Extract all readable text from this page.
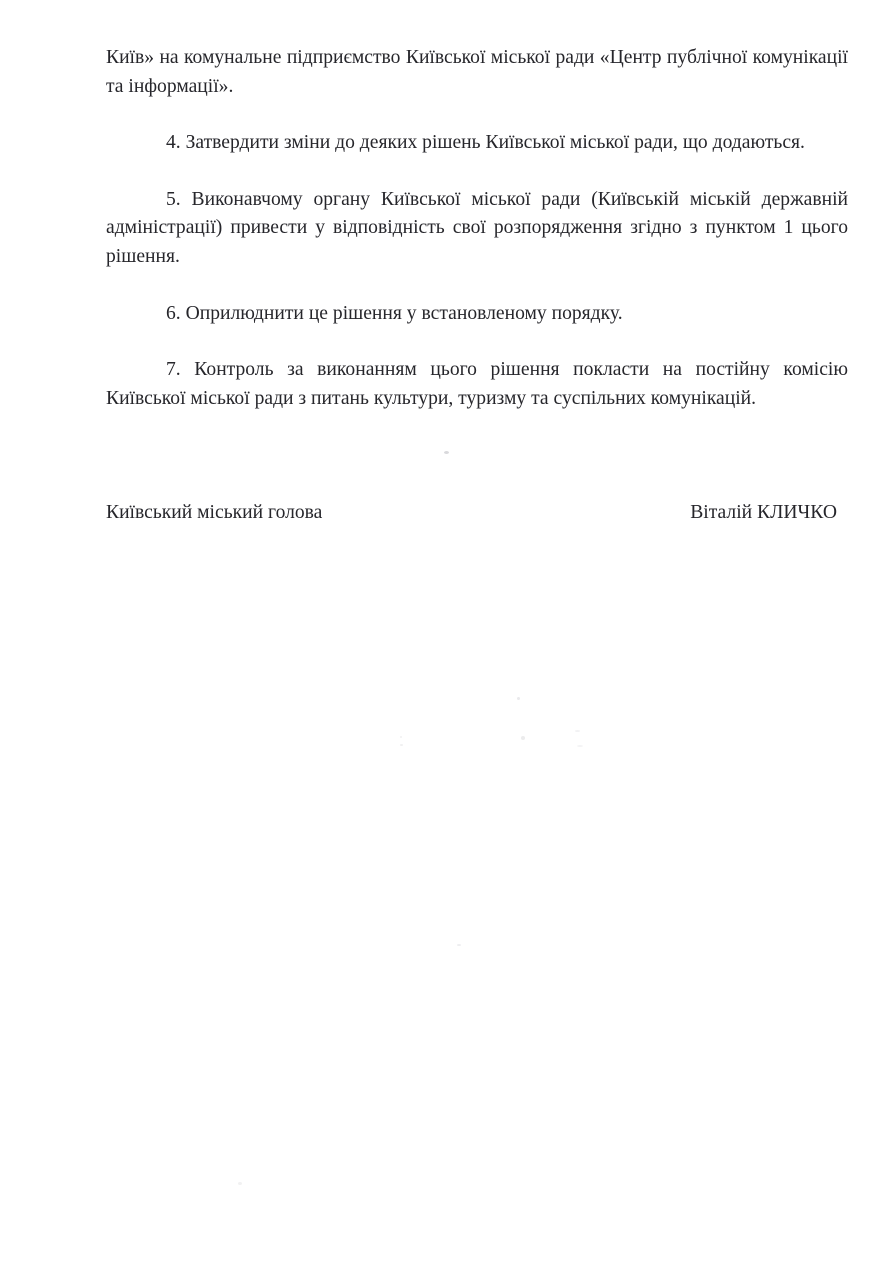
Київ» на комунальне підприємство Київської міської ради «Центр публічної комунікації та інформації».

4. Затвердити зміни до деяких рішень Київської міської ради, що додаються.

5. Виконавчому органу Київської міської ради (Київській міській державній адміністрації) привести у відповідність свої розпорядження згідно з пунктом 1 цього рішення.

6. Оприлюднити це рішення у встановленому порядку.

7. Контроль за виконанням цього рішення покласти на постійну комісію Київської міської ради з питань культури, туризму та суспільних комунікацій.

Київський міський голова	Віталій КЛИЧКО
